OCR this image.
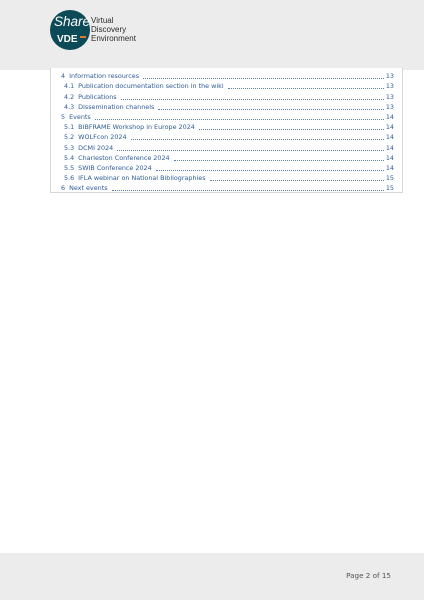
Share
VDE
Virtual
Discovery
Environment
4 Information resources	13
4.1 Publication documentation section in the wiki	13
4.2 Publications	13
4.3 Dissemination channels	13
5 Events	14
5.1 BIBFRAME Workshop in Europe 2024	14
5.2 WOLFcon 2024	14
5.3 DCMI 2024	14
5.4 Charleston Conference 2024	14
5.5 SWIB Conference 2024	14
5.6 IFLA webinar on National Bibliographies	15
6 Next events	15
Page 2 of 15
